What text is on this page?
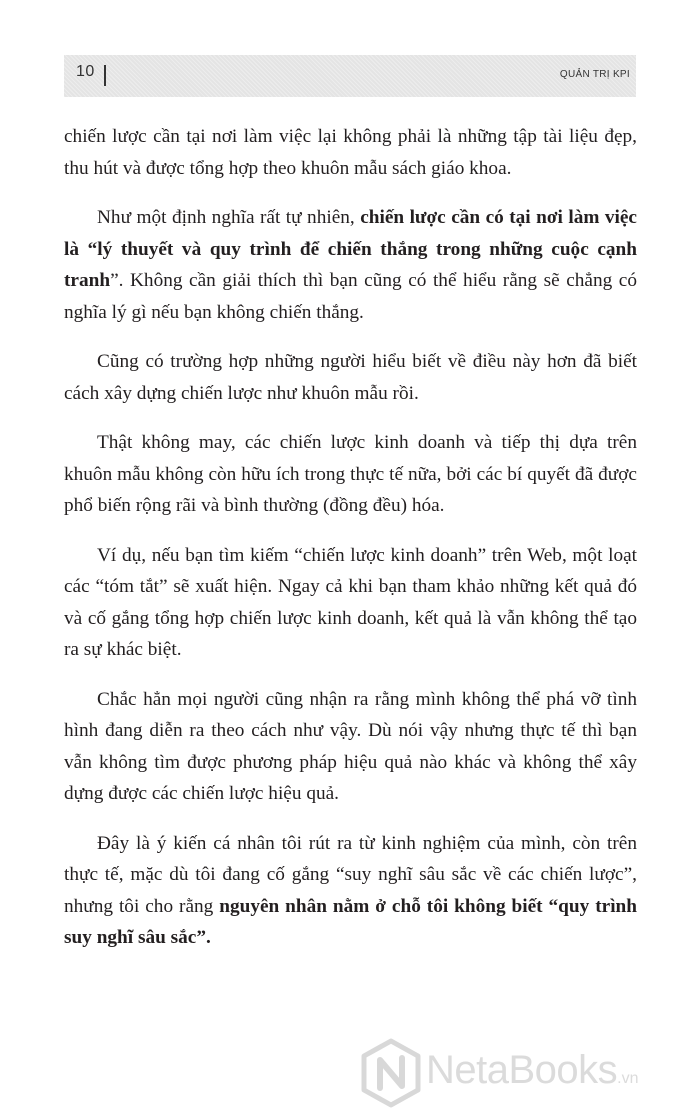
10	QUẢN TRỊ KPI

chiến lược cần tại nơi làm việc lại không phải là những tập tài liệu đẹp, thu hút và được tổng hợp theo khuôn mẫu sách giáo khoa.

Như một định nghĩa rất tự nhiên, chiến lược cần có tại nơi làm việc là “lý thuyết và quy trình để chiến thắng trong những cuộc cạnh tranh”. Không cần giải thích thì bạn cũng có thể hiểu rằng sẽ chẳng có nghĩa lý gì nếu bạn không chiến thắng.

Cũng có trường hợp những người hiểu biết về điều này hơn đã biết cách xây dựng chiến lược như khuôn mẫu rồi.

Thật không may, các chiến lược kinh doanh và tiếp thị dựa trên khuôn mẫu không còn hữu ích trong thực tế nữa, bởi các bí quyết đã được phổ biến rộng rãi và bình thường (đồng đều) hóa.

Ví dụ, nếu bạn tìm kiếm “chiến lược kinh doanh” trên Web, một loạt các “tóm tắt” sẽ xuất hiện. Ngay cả khi bạn tham khảo những kết quả đó và cố gắng tổng hợp chiến lược kinh doanh, kết quả là vẫn không thể tạo ra sự khác biệt.

Chắc hẳn mọi người cũng nhận ra rằng mình không thể phá vỡ tình hình đang diễn ra theo cách như vậy. Dù nói vậy nhưng thực tế thì bạn vẫn không tìm được phương pháp hiệu quả nào khác và không thể xây dựng được các chiến lược hiệu quả.

Đây là ý kiến cá nhân tôi rút ra từ kinh nghiệm của mình, còn trên thực tế, mặc dù tôi đang cố gắng “suy nghĩ sâu sắc về các chiến lược”, nhưng tôi cho rằng nguyên nhân nằm ở chỗ tôi không biết “quy trình suy nghĩ sâu sắc”.

NetaBooks.vn
